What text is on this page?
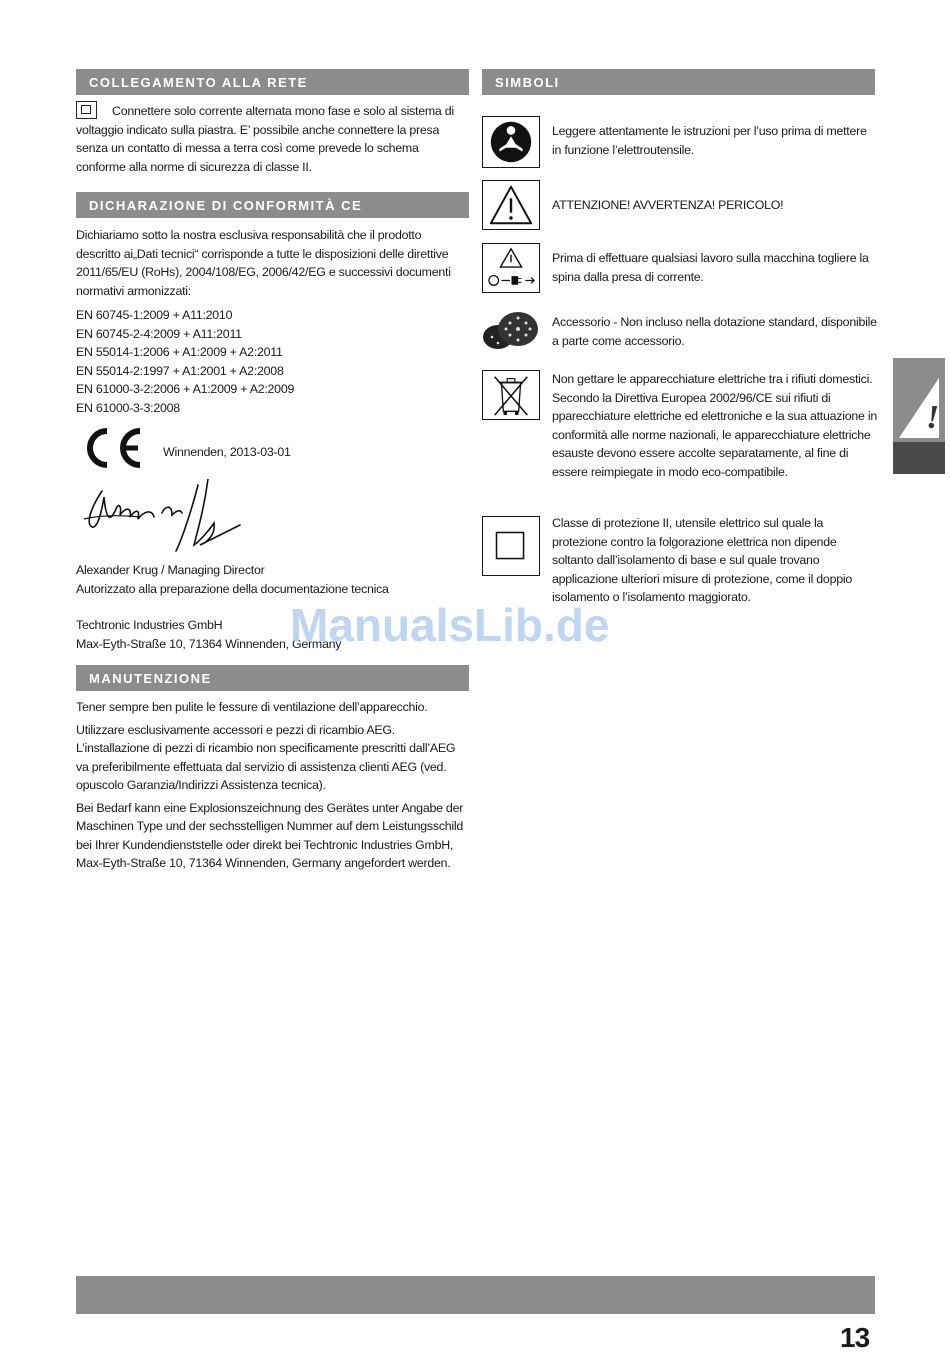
COLLEGAMENTO ALLA RETE
Connettere solo corrente alternata mono fase e solo al sistema di voltaggio indicato sulla piastra. E’ possibile anche connettere la presa senza un contatto di messa a terra così come prevede lo schema conforme alla norme di sicurezza di classe II.
DICHARAZIONE DI CONFORMITÀ CE
Dichiariamo sotto la nostra esclusiva responsabilità che il prodotto descritto ai„Dati tecnici“ corrisponde a tutte le disposizioni delle direttive 2011/65/EU (RoHs), 2004/108/EG, 2006/42/EG e successivi documenti normativi armonizzati:

EN 60745-1:2009 + A11:2010

EN 60745-2-4:2009 + A11:2011

EN 55014-1:2006 + A1:2009 + A2:2011

EN 55014-2:1997 + A1:2001 + A2:2008

EN 61000-3-2:2006 + A1:2009 + A2:2009

EN 61000-3-3:2008

Winnenden, 2013-03-01
Alexander Krug / Managing Director
Autorizzato alla preparazione della documentazione tecnica
Techtronic Industries GmbH
Max-Eyth-Straße 10, 71364 Winnenden, Germany
MANUTENZIONE
Tener sempre ben pulite le fessure di ventilazione dell’apparecchio.
Utilizzare esclusivamente accessori e pezzi di ricambio AEG. L’installazione di pezzi di ricambio non specificamente prescritti dall’AEG va preferibilmente effettuata dal servizio di assistenza clienti AEG (ved. opuscolo Garanzia/Indirizzi Assistenza tecnica).
Bei Bedarf kann eine Explosionszeichnung des Gerätes unter Angabe der Maschinen Type und der sechsstelligen Nummer auf dem Leistungsschild bei Ihrer Kundendienststelle oder direkt bei Techtronic Industries GmbH, Max-Eyth-Straße 10, 71364 Winnenden, Germany angefordert werden.
SIMBOLI
Leggere attentamente le istruzioni per l’uso prima di mettere in funzione l’elettroutensile.
ATTENZIONE! AVVERTENZA! PERICOLO!
Prima di effettuare qualsiasi lavoro sulla macchina togliere la spina dalla presa di corrente.
Accessorio - Non incluso nella dotazione standard, disponibile a parte come accessorio.
Non gettare le apparecchiature elettriche tra i rifiuti domestici. Secondo la Direttiva Europea 2002/96/CE sui rifiuti di pparecchiature elettriche ed elettroniche e la sua attuazione in conformità alle norme nazionali, le apparecchiature elettriche esauste devono essere accolte separatamente, al fine di essere reimpiegate in modo eco-compatibile.
Classe di protezione II, utensile elettrico sul quale la protezione contro la folgorazione elettrica non dipende soltanto dall’isolamento di base e sul quale trovano applicazione ulteriori misure di protezione, come il doppio isolamento o l’isolamento maggiorato.
!
ManualsLib.de
13
